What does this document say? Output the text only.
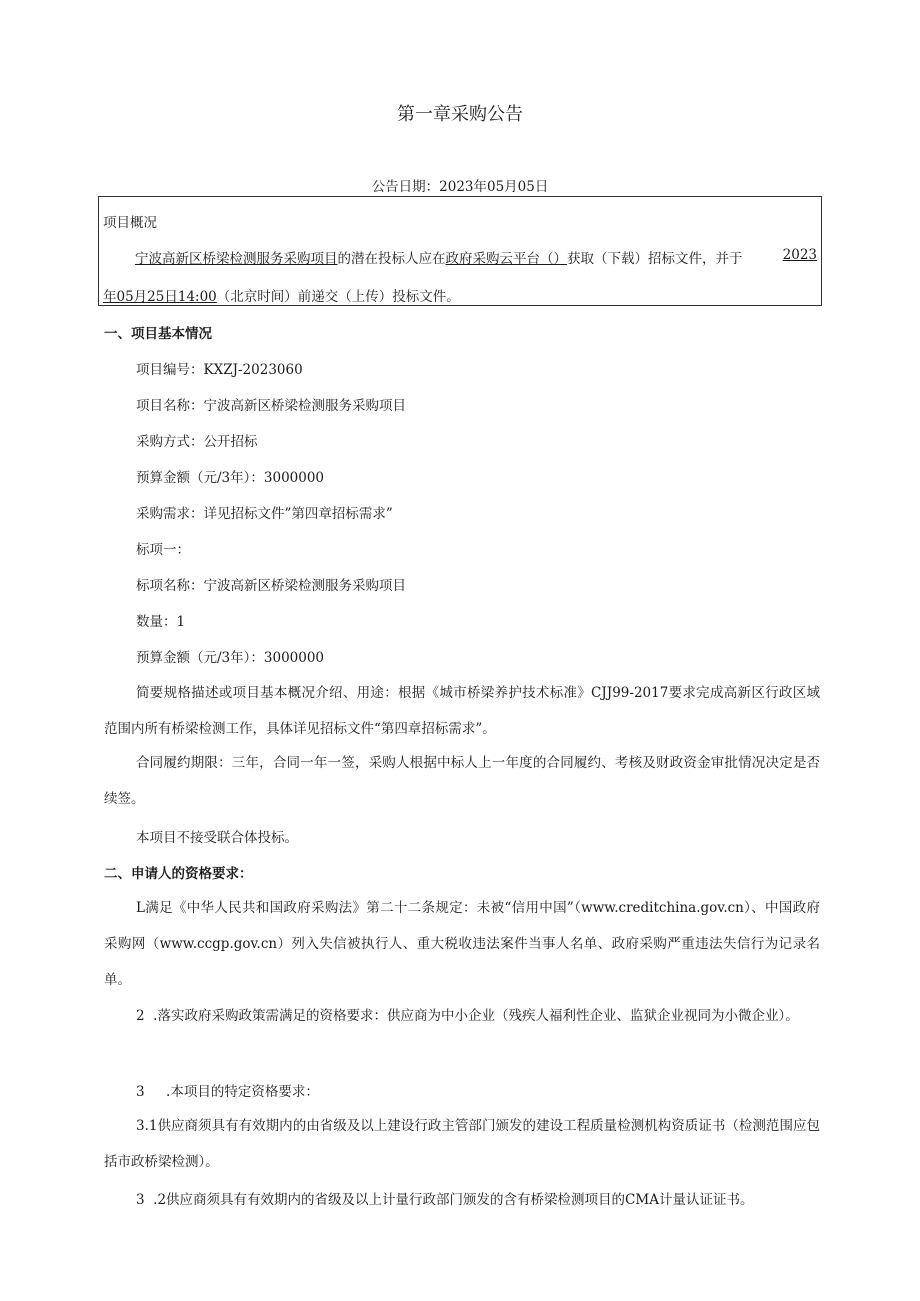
第一章采购公告
公告日期：2023年05月05日
项目概况
宁波高新区桥梁检测服务采购项目的潜在投标人应在政府采购云平台（）获取（下载）招标文件，并于	2023
年05月25日14:00（北京时间）前递交（上传）投标文件。
一、项目基本情况
项目编号：KXZJ-2023060
项目名称：宁波高新区桥梁检测服务采购项目
采购方式：公开招标
预算金额（元/3年）：3000000
采购需求：详见招标文件”第四章招标需求”
标项一：
标项名称：宁波高新区桥梁检测服务采购项目
数量：1
预算金额（元/3年）：3000000

简要规格描述或项目基本概况介绍、用途：根据《城市桥梁养护技术标准》CJJ99-2017要求完成高新区行政区域范围内所有桥梁检测工作，具体详见招标文件“第四章招标需求”。

合同履约期限：三年，合同一年一签，采购人根据中标人上一年度的合同履约、考核及财政资金审批情况决定是否续签。

本项目不接受联合体投标。
二、申请人的资格要求：

L满足《中华人民共和国政府采购法》第二十二条规定：未被“信用中国”（www.creditchina.gov.cn）、中国政府采购网（www.ccgp.gov.cn）列入失信被执行人、重大税收违法案件当事人名单、政府采购严重违法失信行为记录名单。

2  .落实政府采购政策需满足的资格要求：供应商为中小企业（残疾人福利性企业、监狱企业视同为小微企业）。

3     .本项目的特定资格要求：

3.1供应商须具有有效期内的由省级及以上建设行政主管部门颁发的建设工程质量检测机构资质证书（检测范围应包括市政桥梁检测）。

3  .2供应商须具有有效期内的省级及以上计量行政部门颁发的含有桥梁检测项目的CMA计量认证证书。
